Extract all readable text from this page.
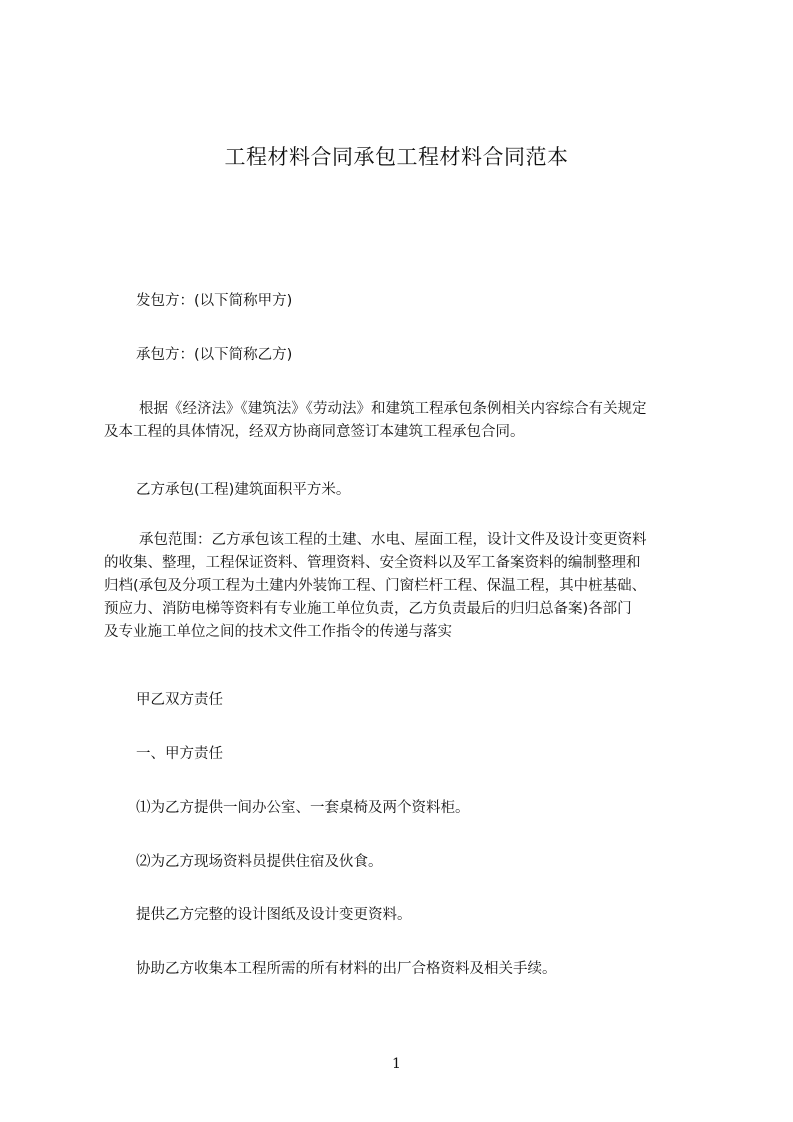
工程材料合同承包工程材料合同范本
发包方：(以下简称甲方)
承包方：(以下简称乙方)
根据《经济法》《建筑法》《劳动法》和建筑工程承包条例相关内容综合有关规定
及本工程的具体情况，经双方协商同意签订本建筑工程承包合同。
乙方承包(工程)建筑面积平方米。
承包范围：乙方承包该工程的土建、水电、屋面工程，设计文件及设计变更资料
的收集、整理，工程保证资料、管理资料、安全资料以及军工备案资料的编制整理和
归档(承包及分项工程为土建内外装饰工程、门窗栏杆工程、保温工程，其中桩基础、
预应力、消防电梯等资料有专业施工单位负责，乙方负责最后的归归总备案)各部门
及专业施工单位之间的技术文件工作指令的传递与落实
甲乙双方责任
一、甲方责任
⑴为乙方提供一间办公室、一套桌椅及两个资料柜。
⑵为乙方现场资料员提供住宿及伙食。
提供乙方完整的设计图纸及设计变更资料。
协助乙方收集本工程所需的所有材料的出厂合格资料及相关手续。
1
